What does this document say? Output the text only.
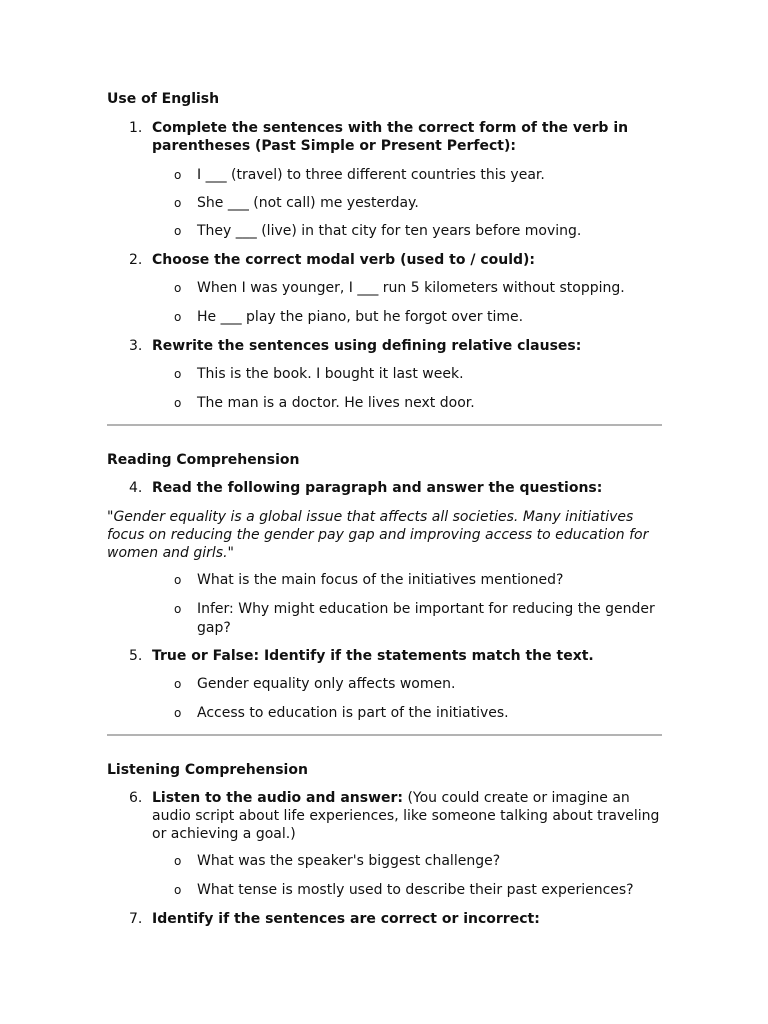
Use of English
1. Complete the sentences with the correct form of the verb in parentheses (Past Simple or Present Perfect):
o I ___ (travel) to three different countries this year.
o She ___ (not call) me yesterday.
o They ___ (live) in that city for ten years before moving.
2. Choose the correct modal verb (used to / could):
o When I was younger, I ___ run 5 kilometers without stopping.
o He ___ play the piano, but he forgot over time.
3. Rewrite the sentences using defining relative clauses:
o This is the book. I bought it last week.
o The man is a doctor. He lives next door.
Reading Comprehension
4. Read the following paragraph and answer the questions:
"Gender equality is a global issue that affects all societies. Many initiatives focus on reducing the gender pay gap and improving access to education for women and girls."
o What is the main focus of the initiatives mentioned?
o Infer: Why might education be important for reducing the gender gap?
5. True or False: Identify if the statements match the text.
o Gender equality only affects women.
o Access to education is part of the initiatives.
Listening Comprehension
6. Listen to the audio and answer: (You could create or imagine an audio script about life experiences, like someone talking about traveling or achieving a goal.)
o What was the speaker's biggest challenge?
o What tense is mostly used to describe their past experiences?
7. Identify if the sentences are correct or incorrect:
